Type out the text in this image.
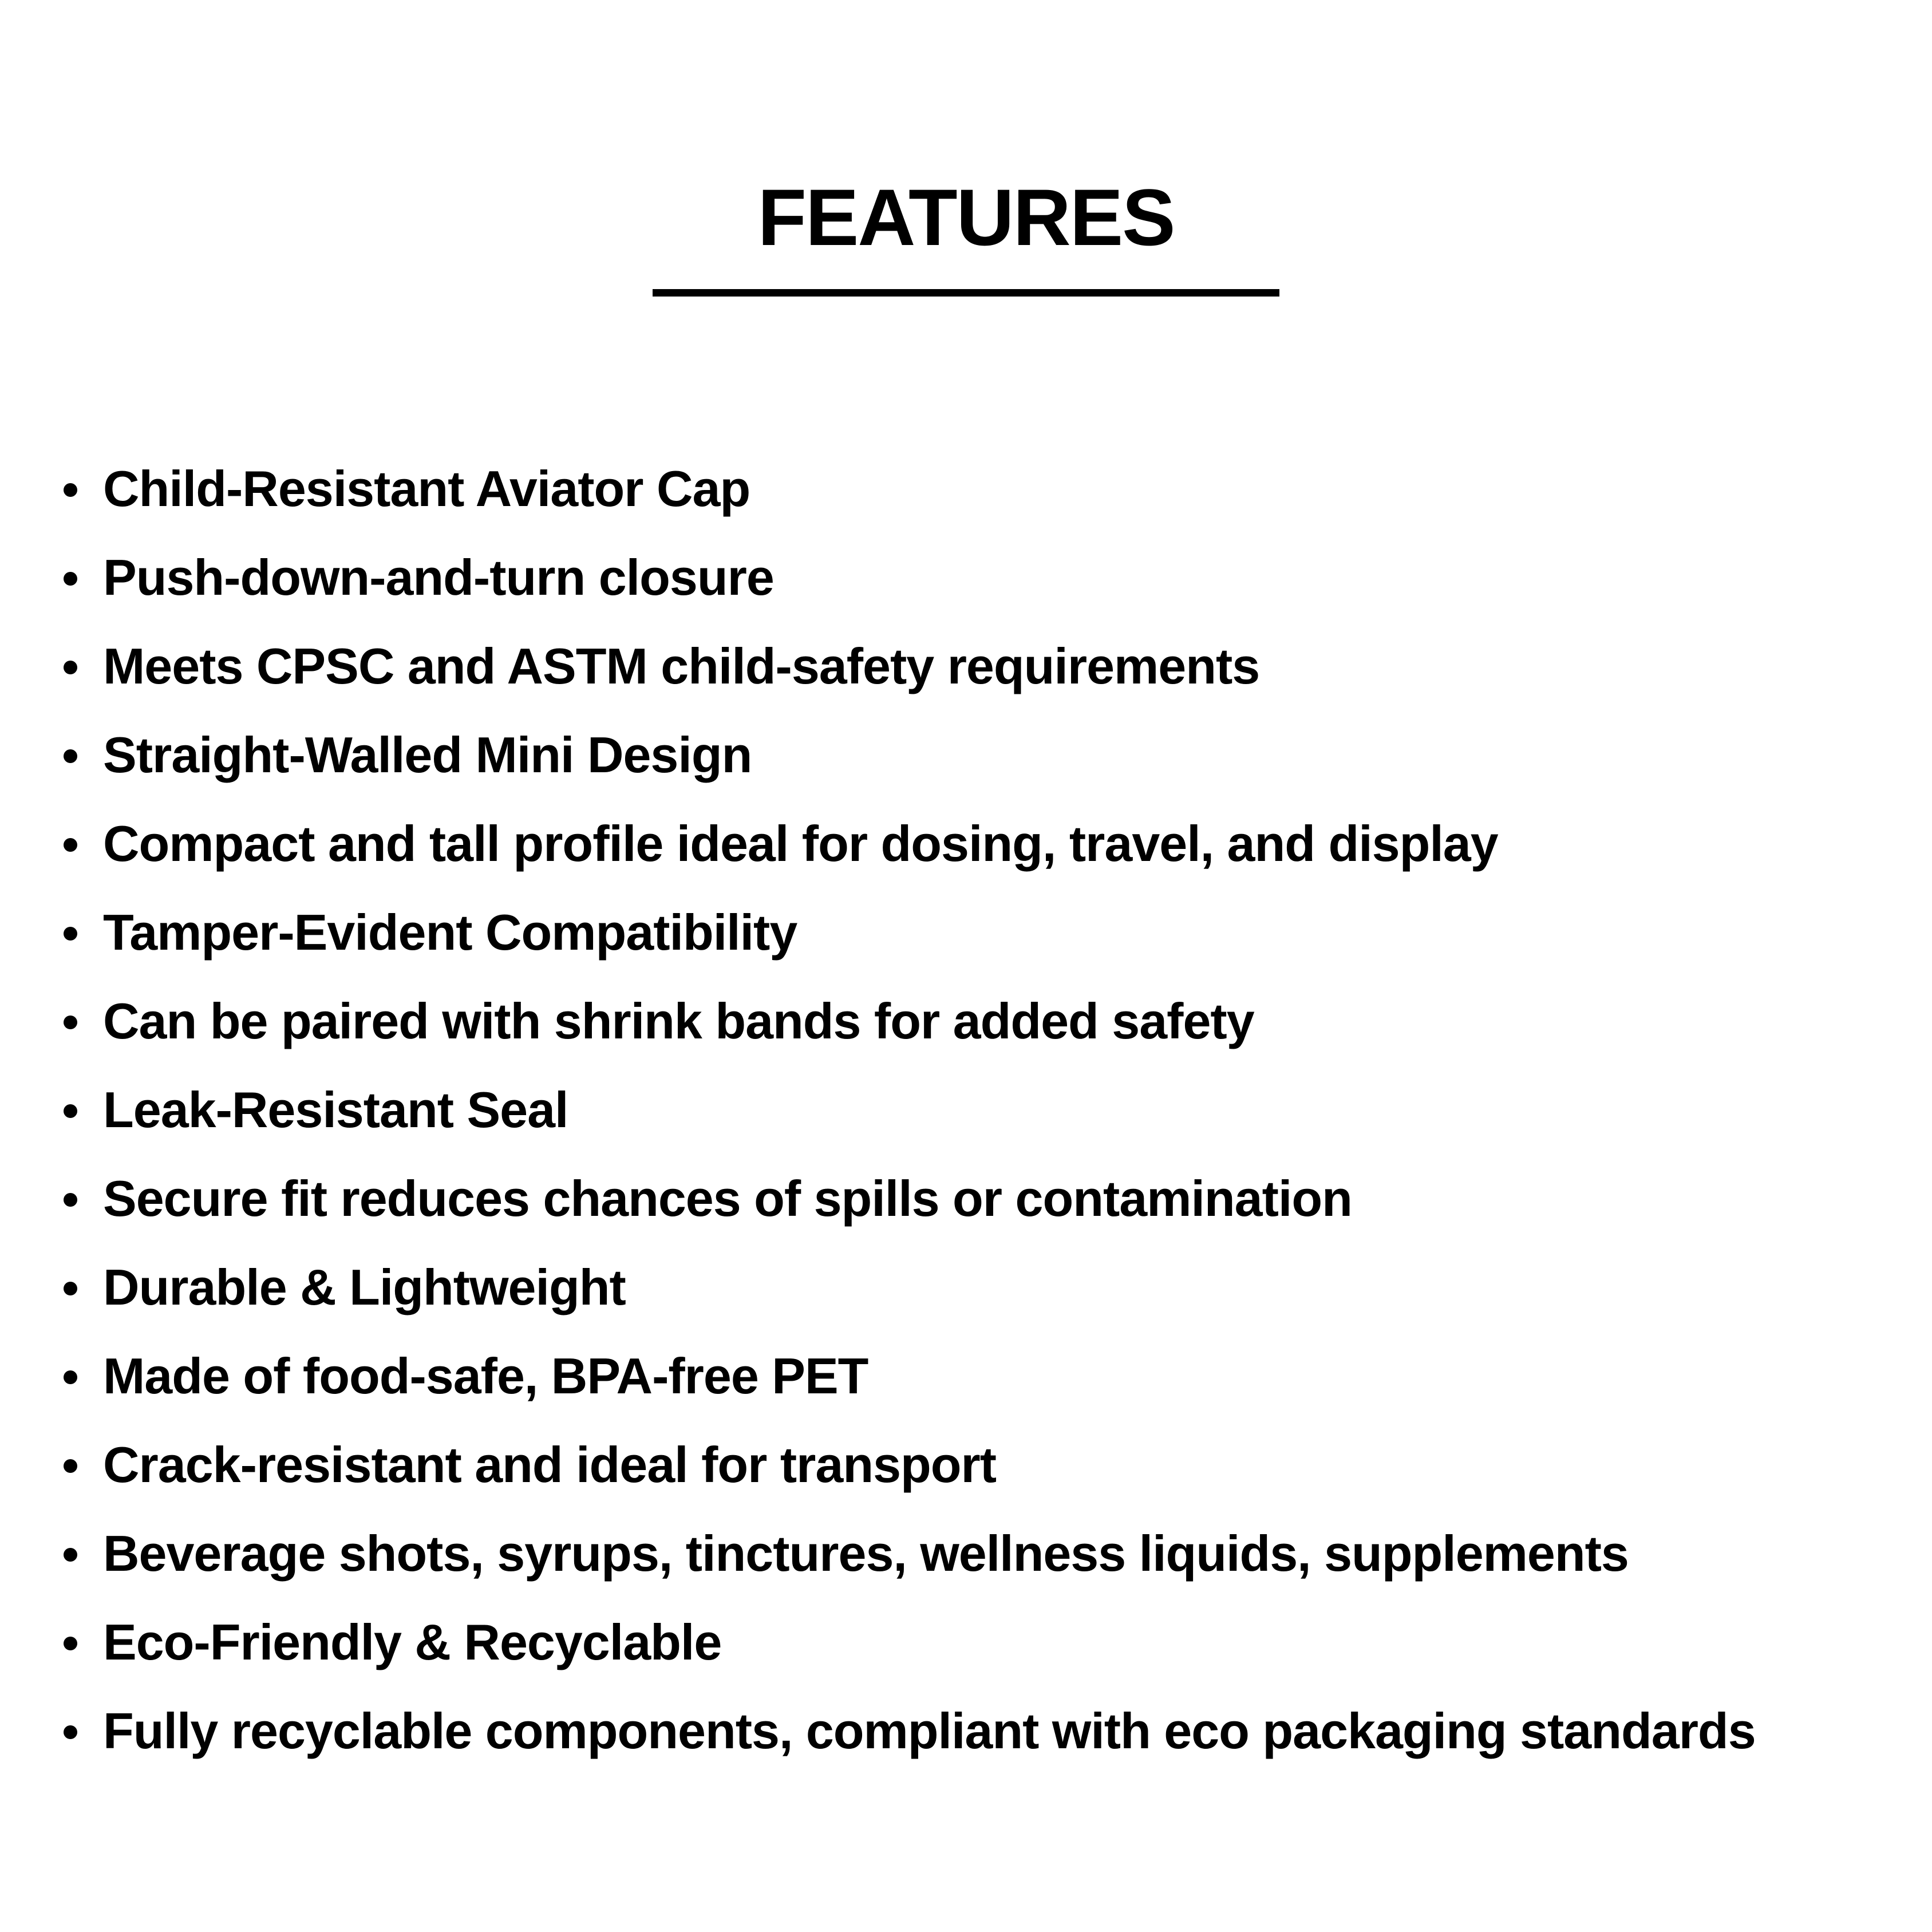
FEATURES
Child-Resistant Aviator Cap
Push-down-and-turn closure
Meets CPSC and ASTM child-safety requirements
Straight-Walled Mini Design
Compact and tall profile ideal for dosing, travel, and display
Tamper-Evident Compatibility
Can be paired with shrink bands for added safety
Leak-Resistant Seal
Secure fit reduces chances of spills or contamination
Durable & Lightweight
Made of food-safe, BPA-free PET
Crack-resistant and ideal for transport
Beverage shots, syrups, tinctures, wellness liquids, supplements
Eco-Friendly & Recyclable
Fully recyclable components, compliant with eco packaging standards
